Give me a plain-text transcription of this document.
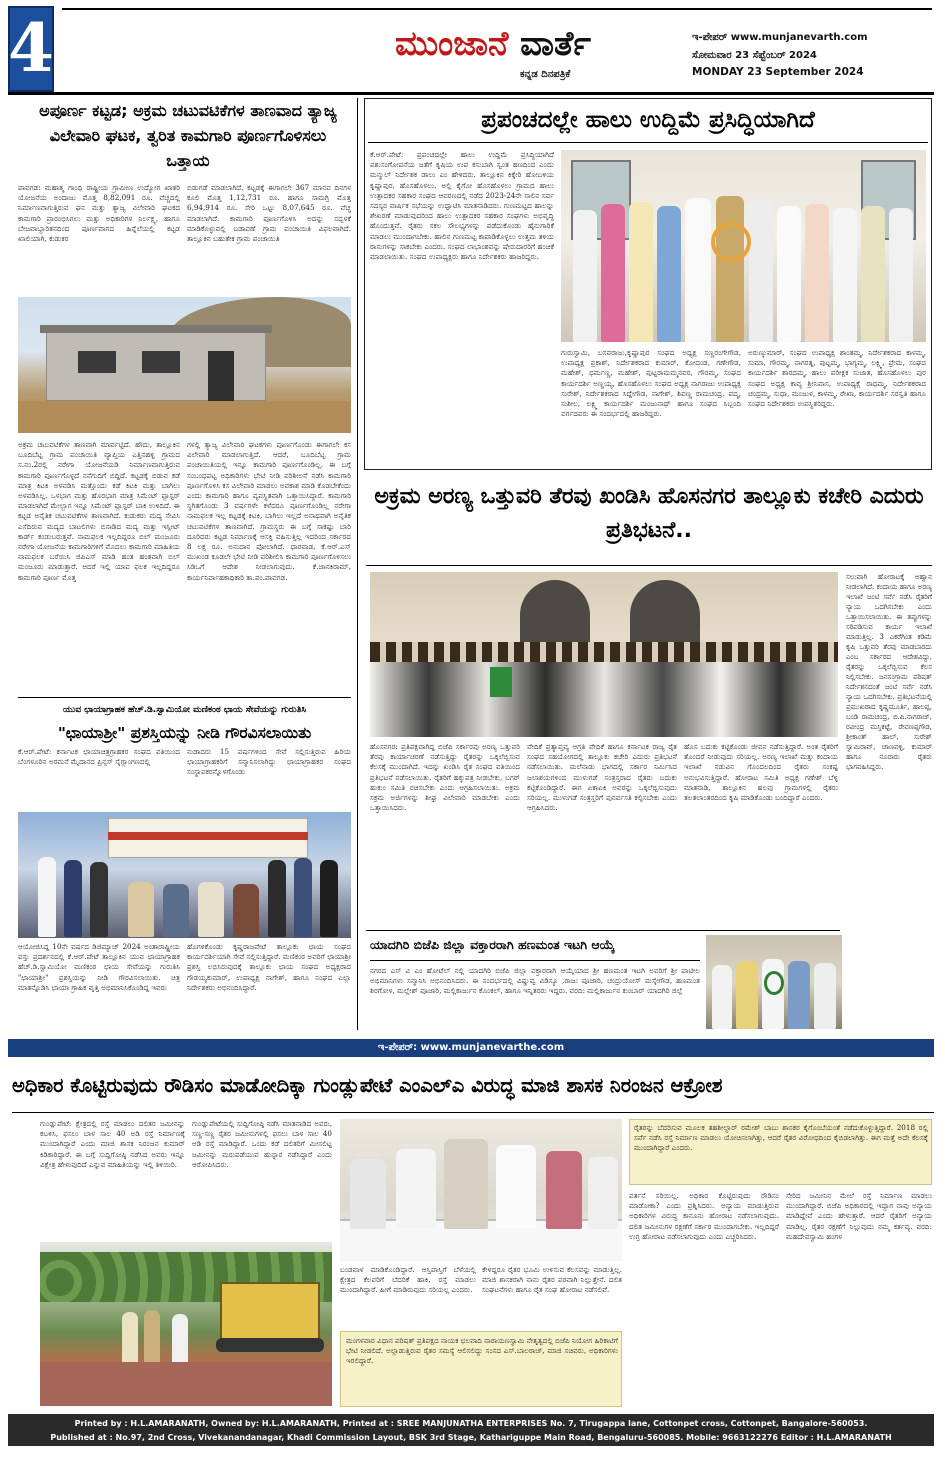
4	ಮುಂಜಾನೆ ವಾರ್ತೆ
ಕನ್ನಡ ದಿನಪತ್ರಿಕೆ
ಇ-ಪೇಪರ್ www.munjanevarth.com
ಸೋಮವಾರ 23 ಸೆಪ್ಟೆಂಬರ್ 2024
MONDAY 23 September 2024
ಅಪೂರ್ಣ ಕಟ್ಟಡ; ಅಕ್ರಮ ಚಟುವಟಿಕೆಗಳ ತಾಣವಾದ ತ್ಯಾಜ್ಯ ವಿಲೇವಾರಿ ಘಟಕ, ತ್ವರಿತ ಕಾಮಗಾರಿ ಪೂರ್ಣಗೊಳಿಸಲು ಒತ್ತಾಯ
ಪಾವಗಡ: ಮಹಾತ್ಮ ಗಾಂಧಿ ರಾಷ್ಟ್ರೀಯ ಗ್ರಾಮೀಣ ಉದ್ಯೋಗ ಖಾತರಿ ಯೋಜನೆಯ ಅಂದಾಜು ಮೊತ್ತ 8,82,091 ರೂ. ವೆಚ್ಚದಲ್ಲಿ ನಿರ್ಮಾಣವಾಗುತ್ತಿರುವ ಘನ ಮತ್ತು ತ್ಯಾಜ್ಯ ವಿಲೇವಾರಿ ಘಟಕದ ಕಾಮಗಾರಿ ಪ್ರಾರಂಭಿಸಿಗಲು ಮತ್ತು ಅಧಿಕಾರಿಗಳ ನಿರ್ಲಕ್ಷ್ಯ, ಹಾಗೂ ಬೇಜವಾಬ್ದಾರಿತನದಿಂದ ಪೂರ್ಣವಾಗದ ಹಿನ್ನೆಲೆಯಲ್ಲಿ ಕಟ್ಟಡ ಖಾಲಿಯಾಗಿ, ಕುಡುಕರ
ಬಿಡುಗಡೆ ಮಾಡಲಾಗಿದೆ. ಕಟ್ಟಡಕ್ಕೆ ಈಗಾಗಲೇ 367 ಮಾನವ ದಿನಗಳ ಕೂಲಿ ಮೊತ್ತ 1,12,731 ರೂ. ಹಾಗೂ ಸಾಮಗ್ರಿ ಮೊತ್ತ 6,94,914 ರೂ. ಸೇರಿ ಒಟ್ಟು 8,07,645 ರೂ. ವೆಚ್ಚ ಮಾಡಲಾಗಿದೆ. ಕಾಮಗಾರಿ ಪೂರ್ಣಗೊಳಿಸಿ ಅದನ್ನು ಸದ್ಬಳಕೆ ಮಾಡಿಕೊಳ್ಳುವಲ್ಲಿ ಬಡಾವಣೆ ಗ್ರಾಮ ಪಂಚಾಯಿತಿ ವಿಫಲವಾಗಿದೆ. ತಾಲ್ಲೂಕಿನ ಬಹುತೇಕ ಗ್ರಾಮ ಪಂಚಾಯಿತಿ
ಅಕ್ರಮ ಚಟುವಟಿಕೆಗಳ ತಾಣವಾಗಿ ಮಾರ್ಪಟ್ಟಿದೆ. ಹೌದು, ತಾಲ್ಲೂಕಿನ ಬೂದಿಬೆಟ್ಟ ಗ್ರಾಮ ಪಂಚಾಯಿತಿ ವ್ಯಾಪ್ತಿಯ ಎತ್ತಿನಹಳ್ಳಿ ಗ್ರಾಮದ ಸ.ನಂ.2ರಲ್ಲಿ ನರೇಗಾ ಯೋಜನೆಯಡಿ ನಿರ್ಮಾಣವಾಗುತ್ತಿರುವ ಕಾಮಗಾರಿ ಪೂರ್ಣಗೊಳ್ಳದೆ ನನೆಗುದಿಗೆ ಬಿದ್ದಿದೆ. ಕಟ್ಟಡಕ್ಕೆ ಬಿಡುವ ಕಡೆ ಮಾತ್ರ ಕಿಟಕಿ ಅಳವಡಿಸಿ ಮತ್ತೊಂದು ಕಡೆ ಕಿಟಕಿ ಮತ್ತು ಬಾಗಿಲು ಅಳವಡಿಸಿಲ್ಲ. ಒಳಭಾಗ ಮತ್ತು ಹೊರಭಾಗ ಮಾತ್ರ ಸಿಮೆಂಟ್ ಪ್ಲಾಸ್ಟರ್ ಮಾಡಲಾಗಿದೆ ಮೇಲ್ಬಾಗ ಇನ್ನೂ ಸಿಮೆಂಟ್ ಪ್ಲಾಸ್ಟರ್ ಬಾಕಿ ಉಳಿದಿದೆ. ಈ ಕಟ್ಟಡ ಅನೈತಿಕ ಚಟುವಟಿಕೆಗಳ ತಾಣವಾಗಿದೆ. ಕುಡುಕರು ಮದ್ಯ ಸೇವಿಸಿ ಎಸೆದಿರುವ ಮದ್ಯದ ಬಾಟಲಿಗಳು ಬಿಸಾಡಿದ ಮದ್ಯ ಮತ್ತು ಇಸ್ಪೀಟ್ ಕಾರ್ಡ್ ಕಂಡುಬರುತ್ತವೆ. ನಾಮಫಲಕ ಇಲ್ಲದಿದ್ದರೂ ಬಿಲ್ ಮಂಜೂರು ನರೇಗಾ ಯೋಜನೆಯ ಕಾಮಗಾರಿಗಳಿಗೆ ಮೊದಲು ಕಾಮಗಾರಿ ಮಾಹಿತಿಯ ನಾಮಫಲಕ ಬರೆಯಿಸಿ ಜಿಪಿಎಸ್ ಮಾಡಿ ಹಂತ ಹಂತವಾಗಿ ಬಿಲ್ ಮಂಜೂರು ಮಾಡುತ್ತಾರೆ. ಆದರೆ ಇಲ್ಲಿ ಯಾವ ಫಲಕ ಇಲ್ಲದಿದ್ದರೂ ಕಾಮಗಾರಿ ಪೂರ್ಣ ಮೊತ್ತ
ಗಳಲ್ಲಿ ತ್ಯಾಜ್ಯ ವಿಲೇವಾರಿ ಘಟಕಗಳು ಪೂರ್ಣಗೊಂಡು ಈಗಾಗಲೇ ಕಸ ವಿಲೇವಾರಿ ಮಾಡಲಾಗುತ್ತಿದೆ. ಆದರೆ, ಬೂದಿಬೆಟ್ಟ ಗ್ರಾಮ ಪಂಚಾಯಿತಿಯಲ್ಲಿ ಇನ್ನೂ ಕಾಮಗಾರಿ ಪೂರ್ಣಗೊಂಡಿಲ್ಲ. ಈ ಬಗ್ಗೆ ಸಂಬಂಧಪಟ್ಟ ಅಧಿಕಾರಿಗಳು ಭೇಟಿ ನೀಡಿ ಪರಿಶೀಲನೆ ನಡೆಸಿ ಕಾಮಗಾರಿ ಪೂರ್ಣಗೊಳಿಸಿ ಕಸ ವಿಲೇವಾರಿ ಮಾಡಲು ಅವಕಾಶ ಮಾಡಿ ಕೊಡಬೇಕೆಂದು ಎಂದು ಕಾಮಗಾರಿ ಹಾಗೂ ವ್ಯವಸ್ಥಿತವಾಗಿ ಒತ್ತಾಯಿಸಿದ್ದಾರೆ. ಕಾಮಗಾರಿ ಸ್ಥಗಿತಗೊಂಡು 3 ವರ್ಷಗಳೇ ಕಳೆದರೂ ಪೂರ್ಣಗೊಂಡಿಲ್ಲ ನರೇಗಾ ನಾಮಫಲಕ ಇಲ್ಲ ಕಟ್ಟಡಕ್ಕೆ ಕಿಟಕಿ, ಬಾಗಿಲು ಇಲ್ಲದೆ ಅನಾಥವಾಗಿ ಅನೈತಿಕ ಚಟುವಟಿಕೆಗಳ ತಾಣವಾಗಿದೆ. ಗ್ರಾಮಸ್ಥರು ಈ ಬಗ್ಗೆ ಸಾಕಷ್ಟು ಬಾರಿ ದೂರಿದರು ಕಟ್ಟಡ ನಿರ್ಮಾಣಕ್ಕೆ ಆಸಕ್ತಿ ವಹಿಸುತ್ತಿಲ್ಲ ಇದರಿಂದ ಸರ್ಕಾರದ 8 ಲಕ್ಷ ರೂ. ಅನುದಾನ ಪೋಲಾಗಿದೆ. ಧಾರವಾಡ, ಕೆ.ಆರ್.ಎಸ್ ಮುಖಂಡ ಕೂಡಲೇ ಭೇಟಿ ನೀಡಿ ಪರಿಶೀಲಿಸಿ ಕಾಮಗಾರಿ ಪೂರ್ಣಗೊಳಿಸಲು ಸಿಡಿಒಗೆ ಆದೇಶ ನೀಡಲಾಗುವುದು. ಕೆ.ಜಾನಕಿರಾಮ್, ಕಾರ್ಯನಿರ್ವಾಹಕಾಧಿಕಾರಿ ತಾ.ಪಂ.ಪಾವಗಡ.
ಯುವ ಛಾಯಾಗ್ರಾಹಕ ಹೆಚ್.ಡಿ.ಸ್ವಾಮಿಯೋ ಮಣಿಕಂಠ ಛಾಯ ಸೇವೆಯನ್ನು ಗುರುತಿಸಿ
"ಛಾಯಾಶ್ರೀ" ಪ್ರಶಸ್ತಿಯನ್ನು ನೀಡಿ ಗೌರವಿಸಲಾಯಿತು
ಕೆ.ಆರ್.ಪೇಟೆ: ಕರ್ನಾಟಕ ಛಾಯಾಚಿತ್ರಗ್ರಾಹಕರ ಸಂಘದ ವತಿಯಿಂದ ಬೆಂಗಳೂರಿನ ಅರಮನೆ ಮೈದಾನದ ಪ್ರಿನ್ಸಸ್ ಸೈಗ್ಲಾಂಗಣದಲ್ಲಿ
ನುಡಾದರು 15 ವರ್ಷಗಳಿಂದ ಸೇವೆ ಸಲ್ಲಿಸುತ್ತಿರುವ ಹಿರಿಯ ಛಾಯಾಗ್ರಾಹಕರಿಗೆ ಸನ್ಮಾನಿಸಲಾಗಿದ್ದು ಛಾಯಾಗ್ರಾಹಕರ ಸಂಘದ ಸಂಸ್ಥಾಪಕರನ್ನೊಳಗೊಂಡು
ಆಯೋಜಿಸಿದ್ದ 10ನೇ ವರ್ಷದ ಡಿಜಿಮ್ಯಾಜ್ 2024 ಅಂತಾರಾಷ್ಟ್ರೀಯ ವಸ್ತು ಪ್ರದರ್ಶನದಲ್ಲಿ ಕೆ.ಆರ್.ಪೇಟೆ ತಾಲ್ಲೂಕಿನ ಯುವ ಛಾಯಾಗ್ರಾಹಕ ಹೆಚ್.ಡಿ.ಸ್ವಾಮಿಯೋ ಮಣಿಕಂಠ ಛಾಯ ಸೇವೆಯನ್ನು ಗುರುತಿಸಿ "ಛಾಯಾಶ್ರೀ" ಪ್ರಶಸ್ತಿಯನ್ನು ನೀಡಿ ಗೌರವಿಸಲಾಯಿತು. ಚಿತ್ರ ಮಾತನ್ನೊಡಿಸಿ ಛಾಯಾ ಗ್ರಾಹಿಕ ವೃತ್ತಿ ಅಭಿಮಾನಿಸಿಕೊಂಡಿದ್ದ ಇವರು
ಹೊಗಳಿಕೊಂಡು ಕೃಷ್ಣರಾಜಪೇಟೆ ತಾಲ್ಲೂಕು ಛಾಯ ಸಂಘದ ಕಾರ್ಯದರ್ಶಿಯಾಗಿ ಸೇವೆ ಸಲ್ಲಿಸುತ್ತಿದ್ದಾರೆ. ಮಣಿಕಂಠ ಅವರಿಗೆ ಛಾಯಾಶ್ರೀ ಪ್ರಶಸ್ತಿ ಲಭಿಸಿರುವುದಕ್ಕೆ ತಾಲ್ಲೂಕು ಛಾಯ ಸಂಘದ ಅಧ್ಯಕ್ಷರಾದ ಗೌಡಯ್ಯಕುಮಾರ್, ಉಪಾಧ್ಯಕ್ಷ ನಾಗೇಶ್, ಹಾಗೂ ಸಂಘದ ಎಲ್ಲಾ ನಿರ್ದೇಶಕರು ಅಭಿನಂದಿಸಿದ್ದಾರೆ.
ಪ್ರಪಂಚದಲ್ಲೇ ಹಾಲು ಉದ್ದಿಮೆ ಪ್ರಸಿದ್ಧಿಯಾಗಿದೆ
ಕೆ.ಆರ್.ಪೇಟೆ: ಪ್ರಪಂಚದಲ್ಲೇ ಹಾಲು ಉದ್ದಿಮೆ ಪ್ರಸಿದ್ಧಿಯಾಗಿದೆ ಪಶುಸಂಗೋಪನೆಯ ಜತೆಗೆ ಕೃಷಿಯ ಉಪ ಕಸುಬಾಗಿ ಸ್ವಂತ ಹಣದಿಂದ ಎಂದು ಮನ್ಮುಲ್ ನಿರ್ದೇಶಕ ಡಾಲು ಎಂ ಹೇಳಿದರು. ತಾಲ್ಲೂಕಿನ ಕಿಕ್ಕೇರಿ ಹೋಬಳಿಯ ಕೃಷ್ಣಾಪುರ, ಹೊಸಹೊಳಲು, ಅಲ್ಲಿ ಕೈಗೋ ಹೊಸಹೊಳಲು ಗ್ರಾಮದ ಹಾಲು ಉತ್ಪಾದಕರ ಸಹಕಾರ ಸಂಘದ ಆವರಣದಲ್ಲಿ ನಡೆದ 2023-24ನೇ ಸಾಲಿನ ಸರ್ವ ಸದಸ್ಯರ ವಾರ್ಷಿಕ ಸಭೆಯನ್ನು ಉದ್ಘಾಟಿಸಿ ಮಾತನಾಡಿದರು. ಗುಣಮಟ್ಟದ ಹಾಲನ್ನು ಶೇಖರಣೆ ಮಾಡುವುದರಿಂದ ಹಾಲು ಉತ್ಪಾದಕರ ಸಹಕಾರ ಸಂಘಗಳು ಅಭಿವೃದ್ಧಿ ಹೊಂದುತ್ತವೆ. ರೈತರು ಸಕಲ ಸೌಲಭ್ಯಗಳನ್ನು ಪಡೆದುಕೊಂಡು ಹೈನುಗಾರಿಕೆ ಮಾಡಲು ಮುಂದಾಗಬೇಕು. ಹಾಲಿನ ಗುಣಮಟ್ಟ ಕಾಪಾಡಿಕೊಳ್ಳಲು ಉತ್ತಮ ತಳಿಯ ರಾಸುಗಳನ್ನು ಸಾಕಬೇಕು ಎಂದರು. ಸಂಘದ ಲಾಭಾಂಶವನ್ನು ಷೇರುದಾರರಿಗೆ ಹಂಚಿಕೆ ಮಾಡಲಾಯಿತು. ಸಂಘದ ಉಪಾಧ್ಯಕ್ಷರು ಹಾಗೂ ನಿರ್ದೇಶಕರು ಹಾಜರಿದ್ದರು.
ಗುರುಸ್ವಾಮಿ, ಬಸವರಾಜು,ಕೃಷ್ಣಾಪುರ ಸಂಘದ ಅಧ್ಯಕ್ಷ ಸಣ್ಣರಂಗೇಗೌಡ, ಉಪಾಧ್ಯಕ್ಷ ಪ್ರಕಾಶ್, ನಿರ್ದೇಶಕರಾದ ಕುಮಾರ್, ಕೋದಂಡ, ಗಣೇಗೌಡ, ಮಹೇಶ್, ಧರ್ಮಣ್ಣ, ಮಹೇಶ್, ಪುಟ್ಟರಾಮಮ್ಮನವರ, ಗೌರಮ್ಮ, ಸಂಘದ ಕಾರ್ಯದರ್ಶಿ ಅಣ್ಣಯ್ಯ, ಹೊಸಹೊಳಲು ಸಂಘದ ಅಧ್ಯಕ್ಷ ನಾಗರಾಜು ಉಪಾಧ್ಯಕ್ಷ ಸುರೇಶ್, ನಿರ್ದೇಶಕರಾದ ಸಿದ್ದೇಗೌಡ, ನಾಗೇಶ್, ಶಿವಣ್ಣ ರಾಮಚಂದ್ರ, ಪದ್ಮ, ಸುಶೀಲ, ಲಕ್ಷ್ಮಿ ಕಾರ್ಯದರ್ಶಿ ಮಂಜುನಾಥ್ ಹಾಗೂ ಸಂಘದ ಸಿಬ್ಬಂದಿ ವರ್ಗದವರು ಈ ಸಂದರ್ಭದಲ್ಲಿ ಹಾಜರಿದ್ದರು.
ಅರುಣ್ಕುಮಾರ್, ಸಂಘದ ಉಪಾಧ್ಯಕ್ಷ ಶಾಂತಮ್ಮ, ನಿರ್ದೇಶಕರಾದ ಕಾಳಮ್ಮ, ಸುಮಾ, ಗೌರಮ್ಮ, ನಾಗರತ್ನ, ಪುಟ್ಟಮ್ಮ, ಭಾಗ್ಯಮ್ಮ, ಲಕ್ಷ್ಮಿ, ಪ್ರೇಮ, ಸಂಘದ ಕಾರ್ಯದರ್ಶಿ ಶಾರದಮ್ಮ, ಹಾಲು ಪರೀಕ್ಷಕ ಸುಜಾತ, ಹೊಸಹೊಳಲು ಪುರ ಸಂಘದ ಅಧ್ಯಕ್ಷ ಕಾವ್ಯ ಶ್ರೀನಿವಾಸ, ಉಪಾಧ್ಯಕ್ಷೆ ರಾಧಮ್ಮ, ನಿರ್ದೇಶಕರಾದ ಚಂದ್ರಮ್ಮ, ಸುಧಾ, ಮಂಜುಳ, ಕಾಳಮ್ಮ, ರೇಖಾ, ಕಾರ್ಯದರ್ಶಿ ಸರಸ್ವತಿ ಹಾಗೂ ಸಂಘದ ನಿರ್ದೇಶಕರು ಉಪಸ್ಥಿತರಿದ್ದರು.
ಅಕ್ರಮ ಅರಣ್ಯ ಒತ್ತುವರಿ ತೆರವು ಖಂಡಿಸಿ ಹೊಸನಗರ ತಾಲ್ಲೂಕು ಕಚೇರಿ ಎದುರು ಪ್ರತಿಭಟನೆ..
ಸಲುವಾಗಿ ಹೋರಾಟಕ್ಕೆ ಅಹ್ವಾನ ನೀಡಲಾಗಿದೆ. ಕಂದಾಯ ಹಾಗೂ ಅರಣ್ಯ ಇಲಾಖೆ ಜಂಟಿ ಸರ್ವೆ ನಡೆಸಿ ರೈತರಿಗೆ ನ್ಯಾಯ ಒದಗಿಸಬೇಕು ಎಂದು ಒತ್ತಾಯಿಸಲಾಯಿತು. ಈ ತಪ್ಪುಗಳನ್ನು ಸರಿಪಡಿಸುವ ಕಾರ್ಯ ಇಲಾಖೆ ಮಾಡುತ್ತಿಲ್ಲ. 3 ಎಕರೆಗಿಂತ ಕಡಿಮೆ ಕೃಷಿ ಒತ್ತುವರಿ ತೆರವು ಮಾಡಬಾರದು ಎಂಬ ಸರ್ಕಾರದ ಆದೇಶವಿದ್ದು, ರೈತರನ್ನು ಒಕ್ಕಲೆಬ್ಬಿಸುವ ಕೆಲಸ ನಿಲ್ಲಿಸಬೇಕು. ಜನಸಂಗ್ರಾಮ ಪರಿಷತ್ ನಿರ್ದೇಶನದಂತೆ ಜಂಟಿ ಸರ್ವೆ ನಡೆಸಿ ನ್ಯಾಯ ಒದಗಿಸಬೇಕು. ಪ್ರತಿಭಟನೆಯಲ್ಲಿ ಪ್ರಮುಖರಾದ ಕೃಷ್ಣಮೂರ್ತಿ, ಹಾಲಪ್ಪ, ಬಂಡಿ ರಾಮಚಂದ್ರ, ಬಿ.ಪಿ.ನಾಗರಾಜ್, ರವೀಂದ್ರ ಮಸ್ತಿಕಟ್ಟೆ, ರೇವಣಪ್ಪಗೌಡ, ಶ್ರೀಕಾಂತ್ ಹಾಲ್, ಸುರೇಶ್ ಸ್ವಾಮಿರಾವ್, ಚಾಣವಳ್ಳಿ, ಕುಮಾರ್ ಹಾಗೂ ನೂರಾರು ರೈತರು ಭಾಗವಹಿಸಿದ್ದರು.
ಹೊಸನಗರ: ಪ್ರತಿಪಕ್ಷವಾಗಿದ್ದ ಬಿಜೆಪಿ ಸರ್ಕಾರವು ಅರಣ್ಯ ಒತ್ತುವರಿ ತೆರವು ಕಾರ್ಯಾಚರಣೆ ನಡೆಸುತ್ತಿದ್ದು ರೈತರನ್ನು ಒಕ್ಕಲೆಬ್ಬಿಸುವ ಕೆಲಸಕ್ಕೆ ಮುಂದಾಗಿದೆ. ಇದನ್ನು ಖಂಡಿಸಿ ರೈತ ಸಂಘದ ವತಿಯಿಂದ ಪ್ರತಿಭಟನೆ ನಡೆಸಲಾಯಿತು. ರೈತರಿಗೆ ಹಕ್ಕುಪತ್ರ ನೀಡಬೇಕು, ಬಗರ್ ಹುಕುಂ ಸಮಿತಿ ರಚಿಸಬೇಕು ಎಂದು ಆಗ್ರಹಿಸಲಾಯಿತು. ಅಕ್ರಮ ಸಕ್ರಮ ಅರ್ಜಿಗಳನ್ನು ಶೀಘ್ರ ವಿಲೇವಾರಿ ಮಾಡಬೇಕು ಎಂದು ಒತ್ತಾಯಿಸಿದರು.
ವೇದಿಕೆ ಪ್ರತ್ಯಾಪ್ತವ್ಯ ಆಗ್ರತಿ ವೇದಿಕೆ ಹಾಗೂ ಕರ್ನಾಟಕ ರಾಜ್ಯ ರೈತ ಸಂಘದ ಸಹಯೋಗದಲ್ಲಿ ತಾಲ್ಲೂಕು ಕಚೇರಿ ಎದುರು ಪ್ರತಿಭಟನೆ ನಡೆಸಲಾಯಿತು. ಮಲೆನಾಡು ಭಾಗದಲ್ಲಿ ಸರ್ಕಾರ ನಿರ್ಮಿಸಿದ ಜಲಾಶಯಗಳಿಂದ ಮುಳುಗಡೆ ಸಂತ್ರಸ್ತರಾದ ರೈತರು ಬದುಕು ಕಟ್ಟಿಕೊಂಡಿದ್ದಾರೆ. ಈಗ ಏಕಾಏಕಿ ಅವರನ್ನು ಒಕ್ಕಲೆಬ್ಬಿಸುವುದು ಸರಿಯಲ್ಲ. ಮುಳುಗಡೆ ಸಂತ್ರಸ್ತರಿಗೆ ಪುನರ್ವಸತಿ ಕಲ್ಪಿಸಬೇಕು ಎಂದು ಆಗ್ರಹಿಸಿದರು.
ಹೊಸ ಬದುಕು ಕಟ್ಟಿಕೊಂಡು ಜೀವನ ನಡೆಸುತ್ತಿದ್ದಾರೆ. ಅಂತ ರೈತರಿಗೆ ತೊಂದರೆ ನೀಡುವುದು ಸರಿಯಲ್ಲ. ಅರಣ್ಯ ಇಲಾಖೆ ಮತ್ತು ಕಂದಾಯ ಇಲಾಖೆ ನಡುವಿನ ಗೊಂದಲದಿಂದ ರೈತರು ಸಂಕಷ್ಟ ಅನುಭವಿಸುತ್ತಿದ್ದಾರೆ. ಹೋರಾಟ ಸಮಿತಿ ಅಧ್ಯಕ್ಷ ಗಣೇಶ್ ಬೆಳ್ಳಿ ಮಾತನಾಡಿ, ತಾಲ್ಲೂಕಿನ ಹಲವು ಗ್ರಾಮಗಳಲ್ಲಿ ರೈತರು ತಲತಲಾಂತರದಿಂದ ಕೃಷಿ ಮಾಡಿಕೊಂಡು ಬಂದಿದ್ದಾರೆ ಎಂದರು.
ಯಾದಗಿರಿ ಬಿಜೆಪಿ ಜಿಲ್ಲಾ ವಕ್ತಾರರಾಗಿ ಹಣಮಂತ ಇಟಗಿ ಆಯ್ಕೆ
ನಗರದ ಎಸ್ ವಿ ಎಂ ಹೋಟೆಲ್ ನಲ್ಲಿ ಯಾದಗಿರಿ ಬಿಜೆಪಿ ಜಿಲ್ಲಾ ವಕ್ತಾರರಾಗಿ ಆಯ್ಕೆಯಾದ ಶ್ರೀ ಹಣಮಂತ ಇಟಗಿ ಅವರಿಗೆ ಶ್ರೀ ಪಾಟೀಲ ಅಭಿಮಾನಿಗಳು ಸನ್ಮಾನಿಸಿ ಅಭಿನಂದಿಸಿದರು. ಈ ಸಂದರ್ಭದಲ್ಲಿ ವಿಷ್ಣುವ್ವ ವಿಡಿಸ್ಯೂ ,ರಾಜು ಪೂಜಾರಿ, ಚಂದ್ರುಯೋಸ್ ಮಸ್ಕೇಗೌಡ, ಹಣಮಂತ ಶಿರಗೋಳ, ಮಲ್ಲೇಶ್ ಪೂಜಾರಿ, ಮಲ್ಲಿಕಾರ್ಜುನ ಕೊಂಕಲ್, ಹಾಗೂ ಇನ್ನಿತರರು ಇದ್ದರು. ವರದಿ: ಮಲ್ಲಿಕಾರ್ಜುನ ಕುಂಬಾರ್ ಯಾದಗಿರಿ ಜಿಲ್ಲೆ
ಇ-ಪೇಪರ್: www.munjanevarthe.com
ಅಧಿಕಾರ ಕೊಟ್ಟಿರುವುದು ರೌಡಿಸಂ ಮಾಡೋದಿಕ್ಕಾ ಗುಂಡ್ಲುಪೇಟೆ ಎಂಎಲ್ಎ ವಿರುದ್ಧ ಮಾಜಿ ಶಾಸಕ ನಿರಂಜನ ಆಕ್ರೋಶ
ಗುಂಡ್ಲುಪೇಟೆ: ಕ್ಷೇತ್ರದಲ್ಲಿ ರಸ್ತೆ ಮಾಡಲು ದಲಿತರ ಜಮೀನನ್ನು ಕಬಳಿಸಿ, ಫಸಲು ಬಾಳ ಸಾಲ 40 ಅಡಿ ರಸ್ತೆ ನಿರ್ಮಾಣಕ್ಕೆ ಮುಂದಾಗಿದ್ದಾರೆ ಎಂದು ಮಾಜಿ ಶಾಸಕ ನಿರಂಜನ ಕುಮಾರ್ ಕಿಡಿಕಾರಿದ್ದಾರೆ. ಈ ಬಗ್ಗೆ ಸುದ್ದಿಗೋಷ್ಠಿ ನಡೆಸಿದ ಅವರು ಇನ್ನೂ ವಿಕ್ಷೇತ್ರ ಹೇಳುವುದಿದೆ ಎನ್ನುವ ಮಾಹಿತಿಯನ್ನು ಇಲ್ಲಿ ತಿಳಿಯಿರಿ.
ಗುಂಡ್ಲುಪೇಟೆಯಲ್ಲಿ ಸುದ್ದಿಗೋಷ್ಠಿ ನಡೆಸಿ ಮಾತನಾಡಿದ ಅವರು, ಸಣ್ಣ-ಸಣ್ಣ ರೈತರ ಜಮೀನುಗಳಲ್ಲಿ ಫಸಲು ಬಾಳ ಸಾಲ 40 ಅಡಿ ರಸ್ತೆ ಮಾಡಿದ್ದಾರೆ. ಒಂದು ಕಡೆ ದಲಿತರಿಗೆ ಮೀಸಲಿಟ್ಟ ಜಮೀನನ್ನು ಮರುಪಡೆಯುವ ಹುನ್ನಾರ ನಡೆಸಿದ್ದಾರೆ ಎಂದು ಆರೋಪಿಸಿದರು.
ಬಂಡವಾಳ ಮಾಡಿಕೊಂಡಿದ್ದಾರೆ. ಆಸ್ತಿಪಾಸ್ತಿಗೆ ಬೆಳೆಯಲ್ಲಿ ಕ್ಷೇತ್ರದ ಕೆಲವರಿಗೆ ಬೆದರಿಕೆ ಹಾಕಿ, ರಸ್ತೆ ಮಾಡಲು ಮುಂದಾಗಿದ್ದಾರೆ. ಹೀಗೆ ಮಾಡಿರುವುದು ಸರಿಯಲ್ಲ ಎಂದರು.
ಕೇಳಿದ್ದರೂ ರೈತರ ಭೂಮಿ ಉಳಿಸುವ ಕೆಲಸವನ್ನು ಮಾಡುತ್ತಿಲ್ಲ. ಮಾಜಿ ಶಾಸಕರಾಗಿ ನಾನು ರೈತರ ಪರವಾಗಿ ನಿಲ್ಲುತ್ತೇನೆ. ದಲಿತ ಸಂಘಟನೆಗಳು ಹಾಗೂ ರೈತ ಸಂಘ ಹೋರಾಟ ನಡೆಸಲಿವೆ.
ಮಂಗಳವಾರ ವಿಧಾನ ಪರಿಷತ್ ಪ್ರತಿಪಕ್ಷದ ನಾಯಕ ಛಲವಾದಿ ನಾರಾಯಣಸ್ವಾಮಿ ನೇತೃತ್ವದಲ್ಲಿ ಬಿಜೆಪಿ ನಿಯೋಗ ಹಿರಿಕಾಟಿಗೆ ಭೇಟಿ ನೀಡಲಿದೆ. ಅಲ್ಲಾಡುತ್ತಿರುವ ರೈತರ ಸಮಸ್ಯೆ ಆಲಿಸಲಿದ್ದು ಸಂಸದ ಎಸ್.ಬಾಲರಾಜ್, ಮಾಜಿ ಸಚಿವರು, ಅಧಿಕಾರಿಗಳು ಇರಲಿದ್ದಾರೆ.
ರೈತರನ್ನು ಬೆದರಿಸುವ ಮೂಲಕ ತಹಶೀಲ್ದಾರ್ ರಮೇಶ್ ಬಾಬು ಶಾಸಕರ ಕೈಗೊಂಬೆಯಂತೆ ನಡೆದುಕೊಳ್ಳುತ್ತಿದ್ದಾರೆ. 2018 ರಲ್ಲಿ ಸರ್ವೆ ನಡೆಸಿ ರಸ್ತೆ ನಿರ್ಮಾಣ ಮಾಡಲು ಯೋಚಿಸಲಾಗಿತ್ತು, ಆದರೆ ರೈತರ ವಿರೋಧದಿಂದ ಕೈಬಿಡಲಾಗಿತ್ತು. ಈಗ ಮತ್ತೆ ಅದೇ ಕೆಲಸಕ್ಕೆ ಮುಂದಾಗಿದ್ದಾರೆ ಎಂದರು.
ವರ್ತನೆ ಸರಿಯಿಲ್ಲ. ಅಧಿಕಾರ ಕೊಟ್ಟಿರುವುದು ರೌಡಿಸಂ ಮಾಡೋಕಾ? ಎಂದು ಪ್ರಶ್ನಿಸಿದರು. ಅನ್ಯಾಯ ಮಾಡುತ್ತಿರುವ ಅಧಿಕಾರಿಗಳ ವಿರುದ್ಧ ಕಾನೂನು ಹೋರಾಟ ನಡೆಸಲಾಗುವುದು. ದಲಿತ ಜಮೀನುಗಳ ರಕ್ಷಣೆಗೆ ಸರ್ಕಾರ ಮುಂದಾಗಬೇಕು. ಇಲ್ಲದಿದ್ದರೆ ಉಗ್ರ ಹೋರಾಟ ನಡೆಸಲಾಗುವುದು ಎಂದು ಎಚ್ಚರಿಸಿದರು.
ಸೇರಿದ ಜಮೀನಿನ ಮೇಲೆ ರಸ್ತೆ ನಿರ್ಮಾಣ ಮಾಡಲು ಮುಂದಾಗಿದ್ದಾರೆ. ಬಿಜೆಪಿ ಅಧಿಕಾರದಲ್ಲಿ ಇದ್ದಾಗ ನಾವು ಅನ್ಯಾಯ ಮಾಡಿದ್ದೇವೆ ಎಂದು ಹೇಳುತ್ತಾರೆ. ಆದರೆ ರೈತರಿಗೆ ಅನ್ಯಾಯ ಮಾಡಿಲ್ಲ. ರೈತರ ರಕ್ಷಣೆಗೆ ನಿಲ್ಲುವುದು ನಮ್ಮ ಕರ್ತವ್ಯ. ವರದಿ: ಮಹದೇವಸ್ವಾಮಿ ಹಂಗಳ
Printed by : H.L.AMARANATH, Owned by: H.L.AMARANATH, Printed at : SREE MANJUNATHA ENTERPRISES No. 7, Tirugappa lane, Cottonpet cross, Cottonpet, Bangalore-560053.
Published at : No.97, 2nd Cross, Vivekanandanagar, Khadi Commission Layout, BSK 3rd Stage, Kathariguppe Main Road, Bengaluru-560085. Mobile: 9663122276 Editor : H.L.AMARANATH
